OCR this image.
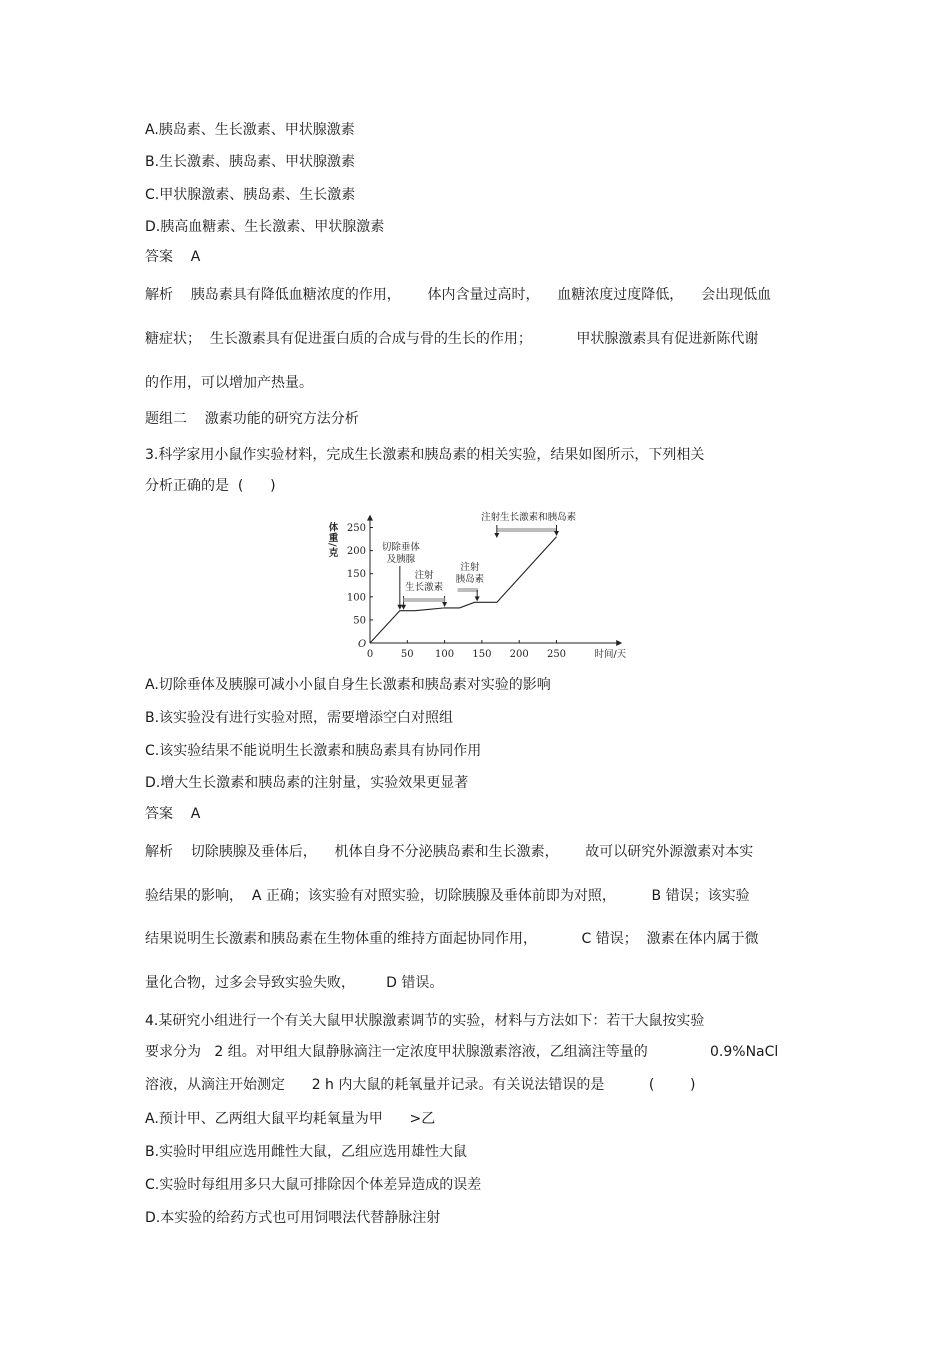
A.胰岛素、生长激素、甲状腺激素

B.生长激素、胰岛素、甲状腺激素

C.甲状腺激素、胰岛素、生长激素

D.胰高血糖素、生长激素、甲状腺激素

答案    A

解析    胰岛素具有降低血糖浓度的作用，      体内含量过高时，    血糖浓度过度降低，    会出现低血

糖症状；  生长激素具有促进蛋白质的合成与骨的生长的作用；          甲状腺激素具有促进新陈代谢

的作用，可以增加产热量。

题组二    激素功能的研究方法分析

3.科学家用小鼠作实验材料，完成生长激素和胰岛素的相关实验，结果如图所示，下列相关

分析正确的是  (      )

O
0	50 100 150 200 250
50
100
150
200
250
时间/天
体重/克	切除垂体
及胰腺
注射
生长激素
注射
胰岛素
注射生长激素和胰岛素

A.切除垂体及胰腺可减小小鼠自身生长激素和胰岛素对实验的影响

B.该实验没有进行实验对照，需要增添空白对照组

C.该实验结果不能说明生长激素和胰岛素具有协同作用

D.增大生长激素和胰岛素的注射量，实验效果更显著

答案    A

解析    切除胰腺及垂体后，    机体自身不分泌胰岛素和生长激素，      故可以研究外源激素对本实

验结果的影响，  A 正确；该实验有对照实验，切除胰腺及垂体前即为对照，        B 错误；该实验

结果说明生长激素和胰岛素在生物体重的维持方面起协同作用，          C 错误；  激素在体内属于微

量化合物，过多会导致实验失败，       D 错误。

4.某研究小组进行一个有关大鼠甲状腺激素调节的实验，材料与方法如下：若干大鼠按实验

要求分为   2 组。对甲组大鼠静脉滴注一定浓度甲状腺激素溶液，乙组滴注等量的              0.9%NaCl

溶液，从滴注开始测定      2 h 内大鼠的耗氧量并记录。有关说法错误的是          (        )

A.预计甲、乙两组大鼠平均耗氧量为甲      >乙

B.实验时甲组应选用雌性大鼠，乙组应选用雄性大鼠

C.实验时每组用多只大鼠可排除因个体差异造成的误差

D.本实验的给药方式也可用饲喂法代替静脉注射
